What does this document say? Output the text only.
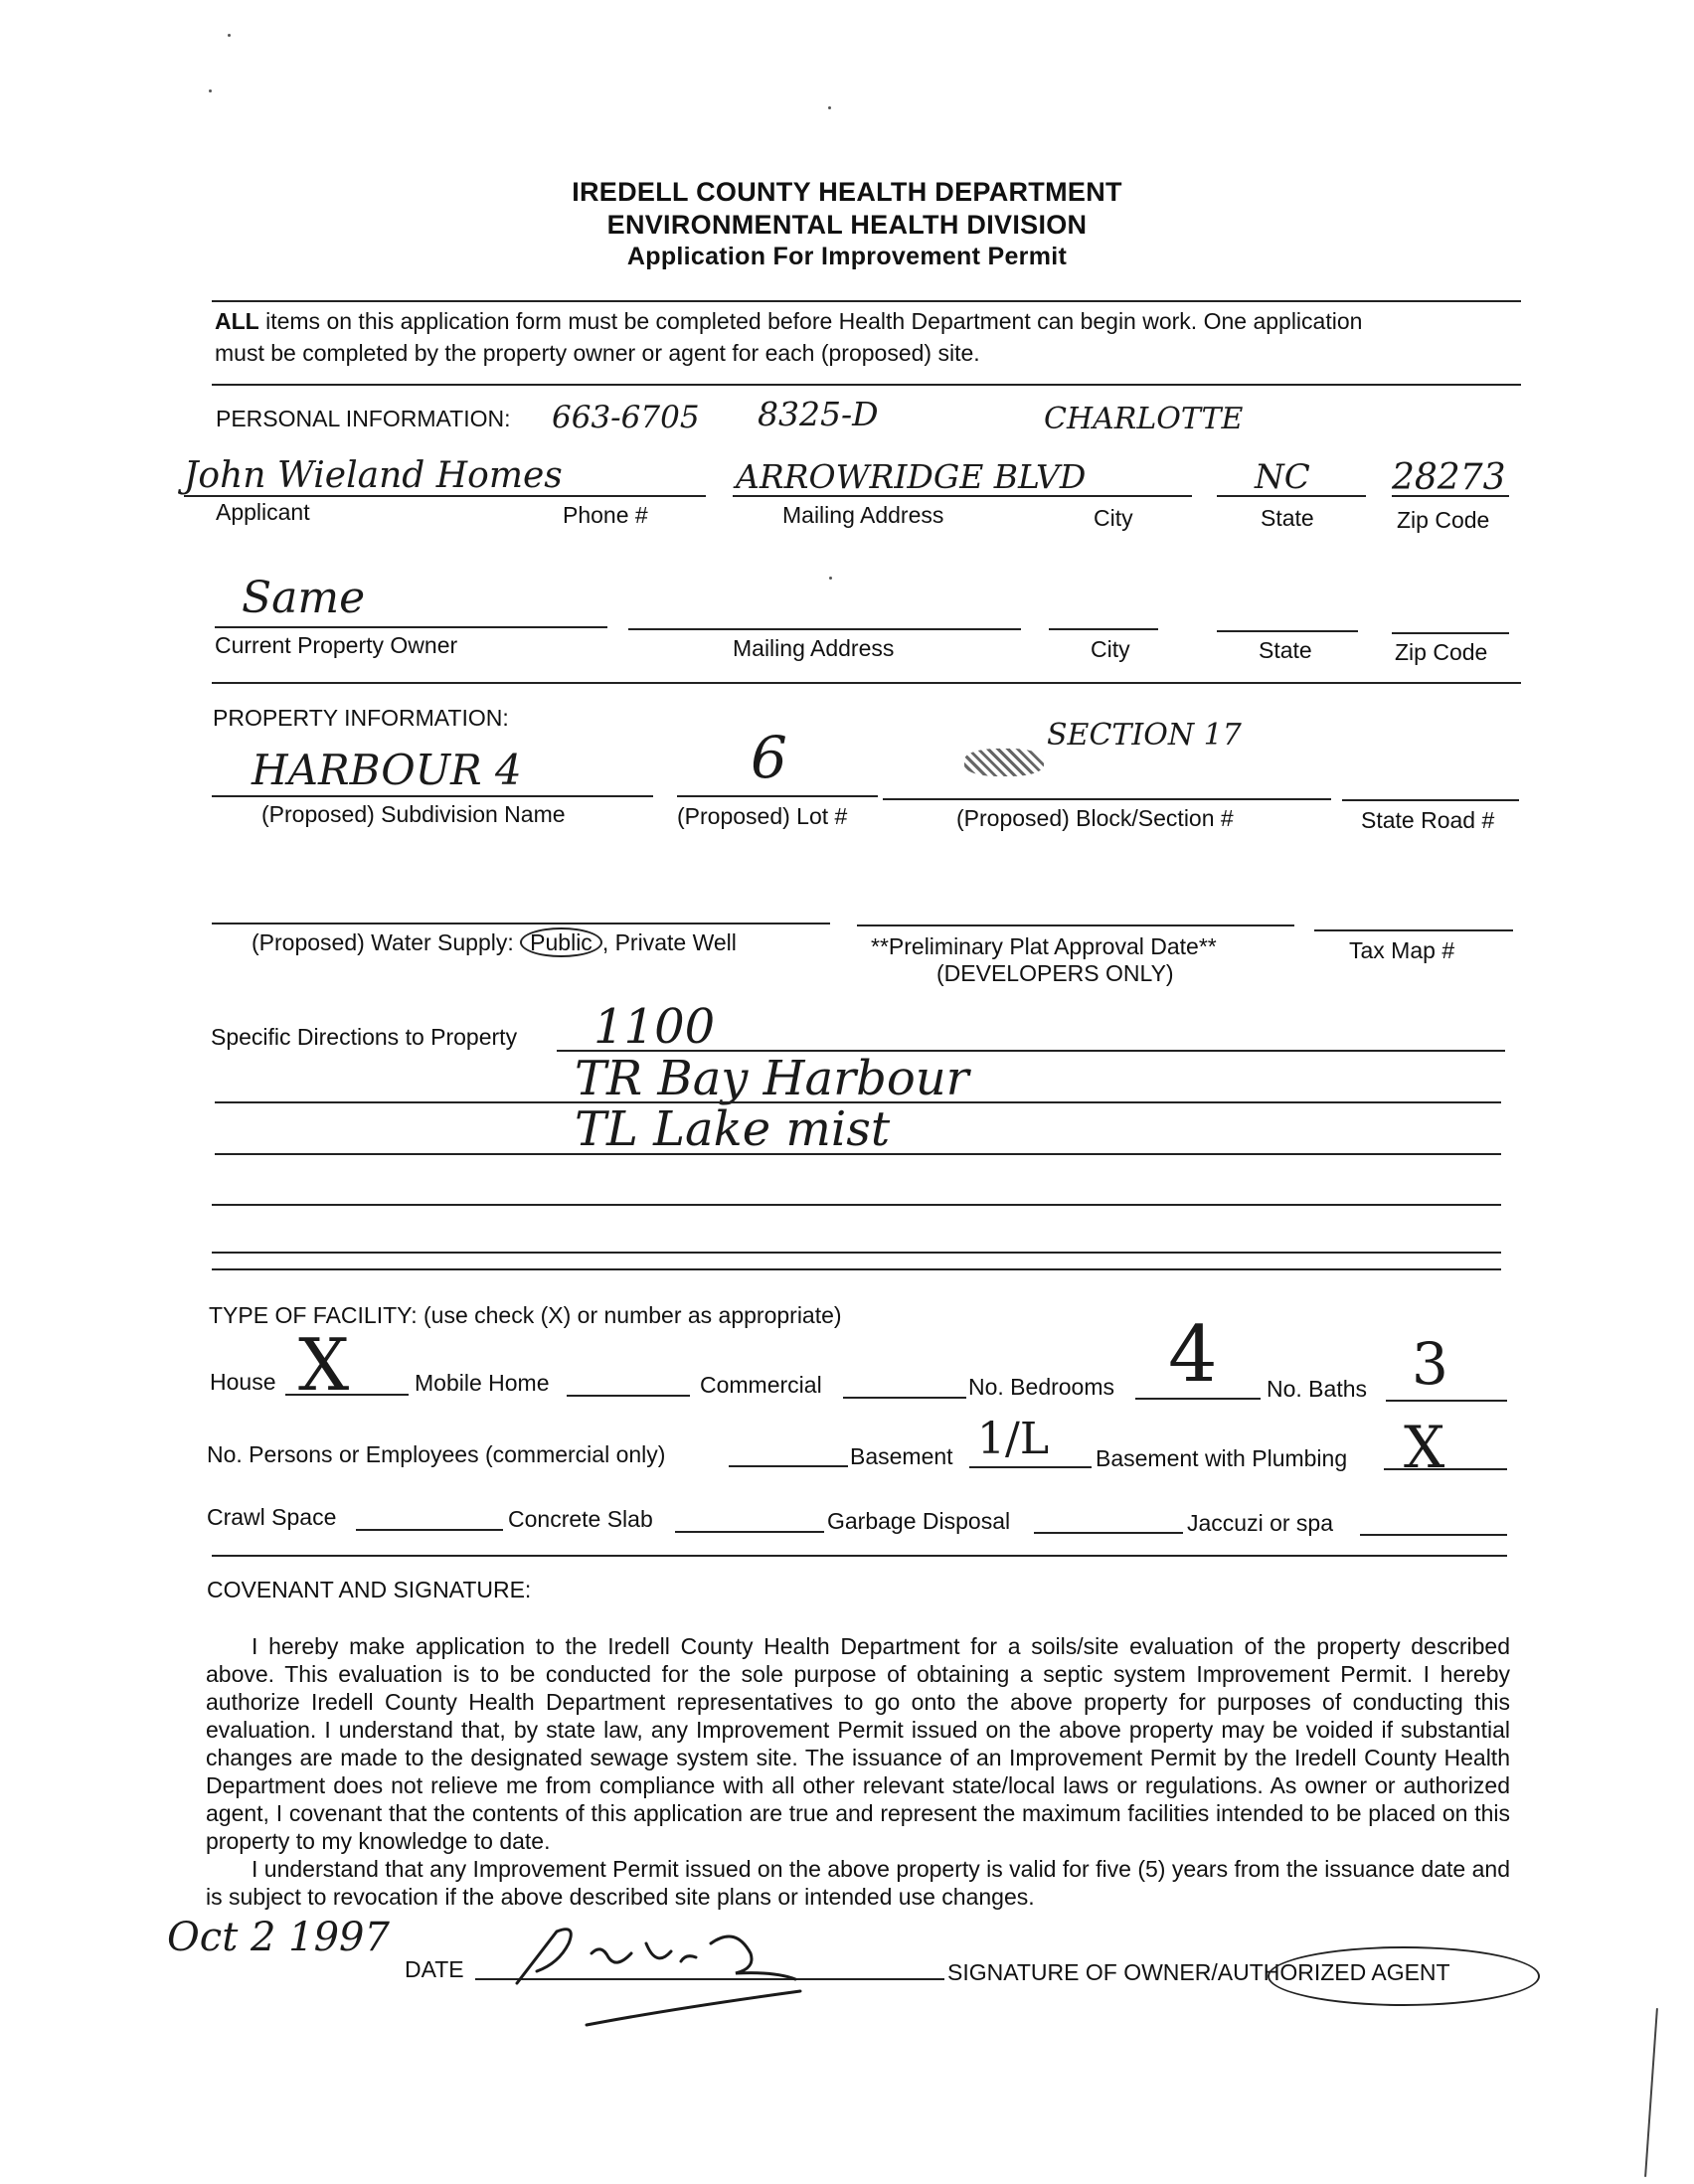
IREDELL COUNTY HEALTH DEPARTMENT
ENVIRONMENTAL HEALTH DIVISION
Application For Improvement Permit
ALL items on this application form must be completed before Health Department can begin work. One application
must be completed by the property owner or agent for each (proposed) site.
PERSONAL INFORMATION: 663-6705 8325-D	CHARLOTTE
John Wieland Homes	ARROWRIDGE BLVD	NC 28273
Applicant	Phone #	Mailing Address	City	State	Zip Code
Same
Current Property Owner	Mailing Address	City	State	Zip Code
PROPERTY INFORMATION:
HARBOUR 4	6	SECTION 17
(Proposed) Subdivision Name	(Proposed) Lot #	(Proposed) Block/Section #	State Road #
(Proposed) Water Supply: Public , Private Well	**Preliminary Plat Approval Date**
(DEVELOPERS ONLY)
Tax Map #
Specific Directions to Property 1100
TR Bay Harbour
TL Lake mist
TYPE OF FACILITY: (use check (X) or number as appropriate)
House X	Mobile Home	Commercial	No. Bedrooms 4 No. Baths 3
No. Persons or Employees (commercial only)	Basement 1/L Basement with Plumbing X
Crawl Space	Concrete Slab	Garbage Disposal	Jaccuzi or spa
COVENANT AND SIGNATURE:

I hereby make application to the Iredell County Health Department for a soils/site evaluation of the property described above. This evaluation is to be conducted for the sole purpose of obtaining a septic system Improvement Permit. I hereby authorize Iredell County Health Department representatives to go onto the above property for purposes of conducting this evaluation. I understand that, by state law, any Improvement Permit issued on the above property may be voided if substantial changes are made to the designated sewage system site. The issuance of an Improvement Permit by the Iredell County Health Department does not relieve me from compliance with all other relevant state/local laws or regulations. As owner or authorized agent, I covenant that the contents of this application are true and represent the maximum facilities intended to be placed on this property to my knowledge to date.

I understand that any Improvement Permit issued on the above property is valid for five (5) years from the issuance date and is subject to revocation if the above described site plans or intended use changes.

Oct 2 1997
DATE	SIGNATURE OF OWNER/AUTHORIZED AGENT
